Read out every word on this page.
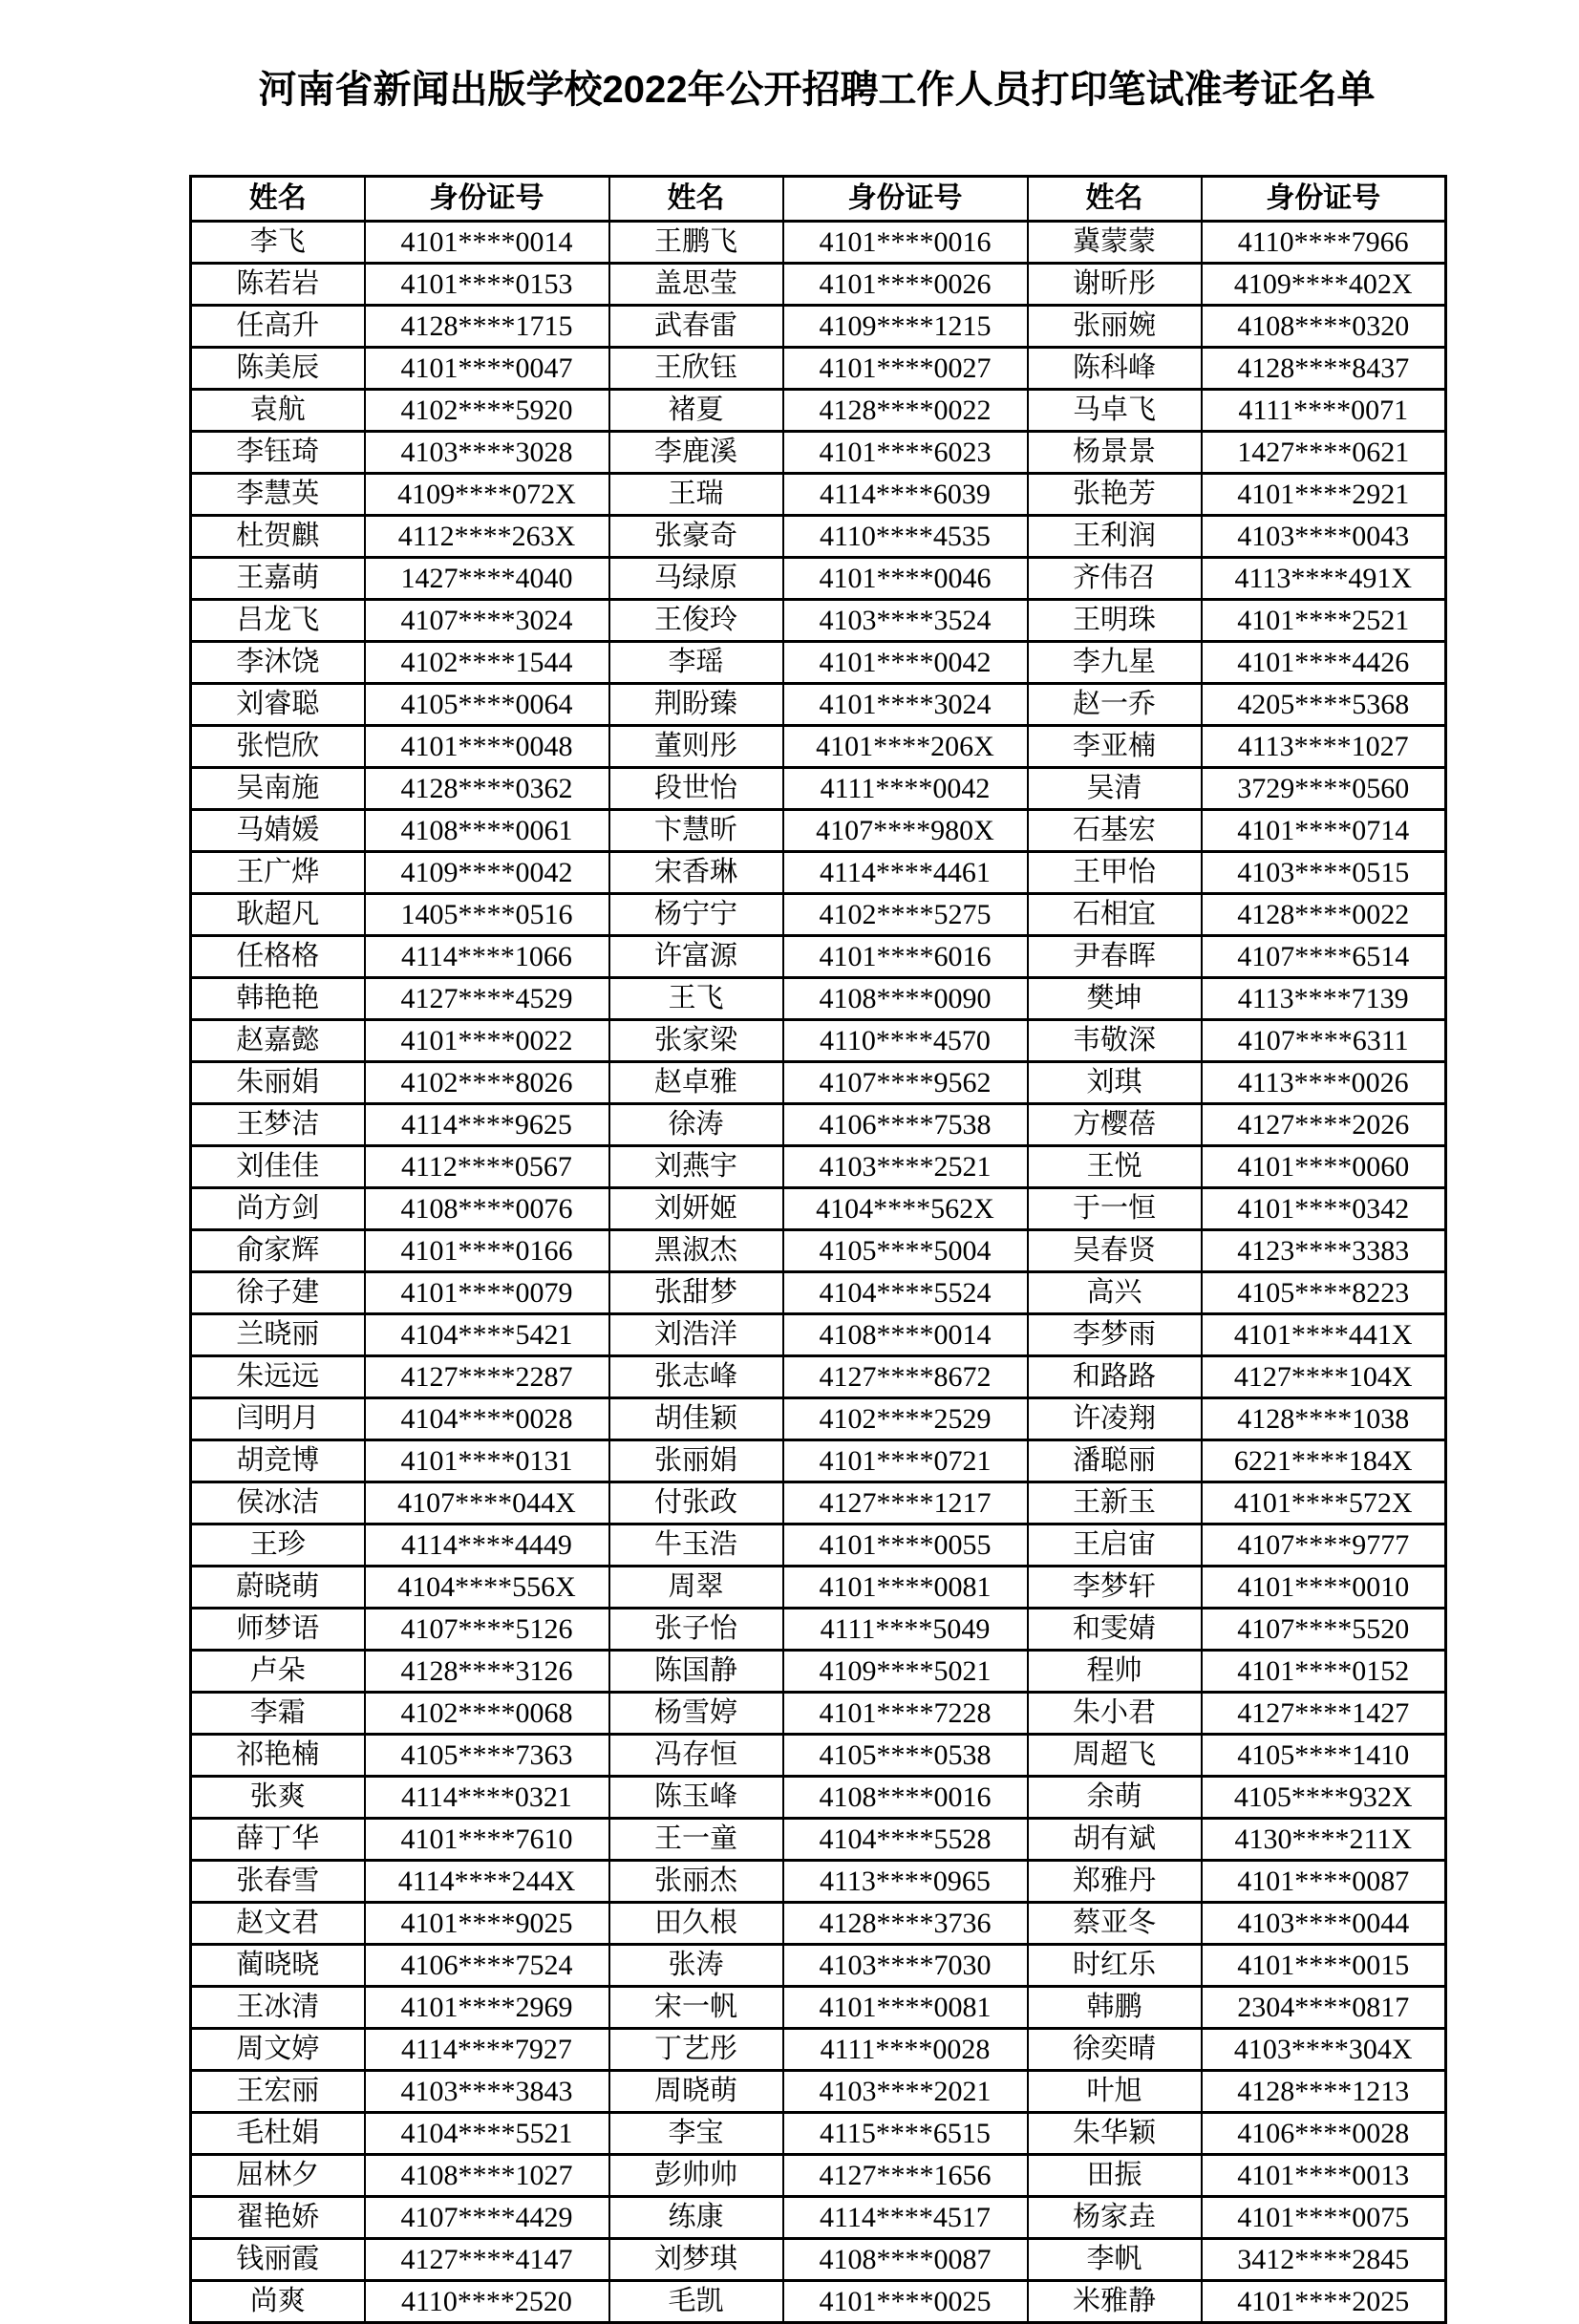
河南省新闻出版学校2022年公开招聘工作人员打印笔试准考证名单
姓名	身份证号	姓名	身份证号	姓名	身份证号
李飞	4101****0014	王鹏飞	4101****0016	冀蒙蒙	4110****7966
陈若岩	4101****0153	盖思莹	4101****0026	谢昕彤	4109****402X
任高升	4128****1715	武春雷	4109****1215	张丽婉	4108****0320
陈美辰	4101****0047	王欣钰	4101****0027	陈科峰	4128****8437
袁航	4102****5920	褚夏	4128****0022	马卓飞	4111****0071
李钰琦	4103****3028	李鹿溪	4101****6023	杨景景	1427****0621
李慧英	4109****072X	王瑞	4114****6039	张艳芳	4101****2921
杜贺麒	4112****263X	张豪奇	4110****4535	王利润	4103****0043
王嘉萌	1427****4040	马绿原	4101****0046	齐伟召	4113****491X
吕龙飞	4107****3024	王俊玲	4103****3524	王明珠	4101****2521
李沐饶	4102****1544	李瑶	4101****0042	李九星	4101****4426
刘睿聪	4105****0064	荆盼臻	4101****3024	赵一乔	4205****5368
张恺欣	4101****0048	董则彤	4101****206X	李亚楠	4113****1027
吴南施	4128****0362	段世怡	4111****0042	吴清	3729****0560
马婧媛	4108****0061	卞慧昕	4107****980X	石基宏	4101****0714
王广烨	4109****0042	宋香琳	4114****4461	王甲怡	4103****0515
耿超凡	1405****0516	杨宁宁	4102****5275	石相宜	4128****0022
任格格	4114****1066	许富源	4101****6016	尹春晖	4107****6514
韩艳艳	4127****4529	王飞	4108****0090	樊坤	4113****7139
赵嘉懿	4101****0022	张家梁	4110****4570	韦敬深	4107****6311
朱丽娟	4102****8026	赵卓雅	4107****9562	刘琪	4113****0026
王梦洁	4114****9625	徐涛	4106****7538	方樱蓓	4127****2026
刘佳佳	4112****0567	刘燕宇	4103****2521	王悦	4101****0060
尚方剑	4108****0076	刘妍姬	4104****562X	于一恒	4101****0342
俞家辉	4101****0166	黑淑杰	4105****5004	吴春贤	4123****3383
徐子建	4101****0079	张甜梦	4104****5524	高兴	4105****8223
兰晓丽	4104****5421	刘浩洋	4108****0014	李梦雨	4101****441X
朱远远	4127****2287	张志峰	4127****8672	和路路	4127****104X
闫明月	4104****0028	胡佳颖	4102****2529	许凌翔	4128****1038
胡竞博	4101****0131	张丽娟	4101****0721	潘聪丽	6221****184X
侯冰洁	4107****044X	付张政	4127****1217	王新玉	4101****572X
王珍	4114****4449	牛玉浩	4101****0055	王启宙	4107****9777
蔚晓萌	4104****556X	周翠	4101****0081	李梦轩	4101****0010
师梦语	4107****5126	张子怡	4111****5049	和雯婧	4107****5520
卢朵	4128****3126	陈国静	4109****5021	程帅	4101****0152
李霜	4102****0068	杨雪婷	4101****7228	朱小君	4127****1427
祁艳楠	4105****7363	冯存恒	4105****0538	周超飞	4105****1410
张爽	4114****0321	陈玉峰	4108****0016	余萌	4105****932X
薛丁华	4101****7610	王一童	4104****5528	胡有斌	4130****211X
张春雪	4114****244X	张丽杰	4113****0965	郑雅丹	4101****0087
赵文君	4101****9025	田久根	4128****3736	蔡亚冬	4103****0044
蔺晓晓	4106****7524	张涛	4103****7030	时红乐	4101****0015
王冰清	4101****2969	宋一帆	4101****0081	韩鹏	2304****0817
周文婷	4114****7927	丁艺彤	4111****0028	徐奕晴	4103****304X
王宏丽	4103****3843	周晓萌	4103****2021	叶旭	4128****1213
毛杜娟	4104****5521	李宝	4115****6515	朱华颖	4106****0028
屈林夕	4108****1027	彭帅帅	4127****1656	田振	4101****0013
翟艳娇	4107****4429	练康	4114****4517	杨家垚	4101****0075
钱丽霞	4127****4147	刘梦琪	4108****0087	李帆	3412****2845
尚爽	4110****2520	毛凯	4101****0025	米雅静	4101****2025
